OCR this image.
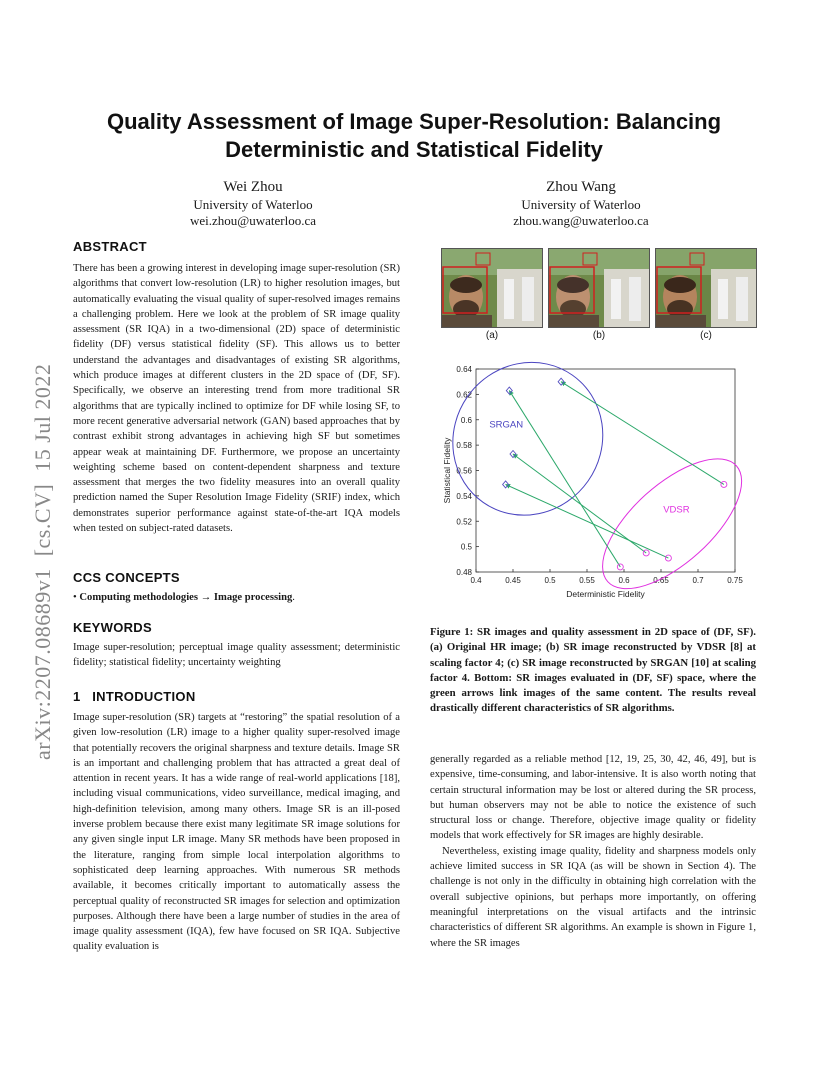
arXiv:2207.08689v1  [cs.CV]  15 Jul 2022
Quality Assessment of Image Super-Resolution: Balancing
Deterministic and Statistical Fidelity
Wei Zhou
University of Waterloo
wei.zhou@uwaterloo.ca
Zhou Wang
University of Waterloo
zhou.wang@uwaterloo.ca
ABSTRACT
There has been a growing interest in developing image super-resolution (SR) algorithms that convert low-resolution (LR) to higher resolution images, but automatically evaluating the visual quality of super-resolved images remains a challenging problem. Here we look at the problem of SR image quality assessment (SR IQA) in a two-dimensional (2D) space of deterministic fidelity (DF) versus statistical fidelity (SF). This allows us to better understand the advantages and disadvantages of existing SR algorithms, which produce images at different clusters in the 2D space of (DF, SF). Specifically, we observe an interesting trend from more traditional SR algorithms that are typically inclined to optimize for DF while losing SF, to more recent generative adversarial network (GAN) based approaches that by contrast exhibit strong advantages in achieving high SF but sometimes appear weak at maintaining DF. Furthermore, we propose an uncertainty weighting scheme based on content-dependent sharpness and texture assessment that merges the two fidelity measures into an overall quality prediction named the Super Resolution Image Fidelity (SRIF) index, which demonstrates superior performance against state-of-the-art IQA models when tested on subject-rated datasets.
CCS CONCEPTS
• Computing methodologies → Image processing.
KEYWORDS
Image super-resolution; perceptual image quality assessment; deterministic fidelity; statistical fidelity; uncertainty weighting
1   INTRODUCTION
Image super-resolution (SR) targets at “restoring” the spatial resolution of a given low-resolution (LR) image to a higher quality super-resolved image that potentially recovers the original sharpness and texture details. Image SR is an important and challenging problem that has attracted a great deal of attention in recent years. It has a wide range of real-world applications [18], including visual communications, video surveillance, medical imaging, and high-definition television, among many others. Image SR is an ill-posed inverse problem because there exist many legitimate SR image solutions for any given single input LR image. Many SR methods have been proposed in the literature, ranging from simple local interpolation algorithms to sophisticated deep learning approaches. With numerous SR methods available, it becomes critically important to automatically assess the perceptual quality of reconstructed SR images for selection and optimization purposes. Although there have been a large number of studies in the area of image quality assessment (IQA), few have focused on SR IQA. Subjective quality evaluation is
(a)	(b)	(c)
0.4	0.45	0.5	0.55	0.6	0.65	0.7	0.75
0.48
0.5
0.52
0.54
0.56
0.58
0.6
0.62
0.64
Deterministic Fidelity
Statistical Fidelity
SRGAN
VDSR
Figure 1: SR images and quality assessment in 2D space of (DF, SF). (a) Original HR image; (b) SR image reconstructed by VDSR [8] at scaling factor 4; (c) SR image reconstructed by SRGAN [10] at scaling factor 4. Bottom: SR images evaluated in (DF, SF) space, where the green arrows link images of the same content. The results reveal drastically different characteristics of SR algorithms.

generally regarded as a reliable method [12, 19, 25, 30, 42, 46, 49], but is expensive, time-consuming, and labor-intensive. It is also worth noting that certain structural information may be lost or altered during the SR process, but human observers may not be able to notice the existence of such structural loss or change. Therefore, objective image quality or fidelity models that work effectively for SR images are highly desirable.

Nevertheless, existing image quality, fidelity and sharpness models only achieve limited success in SR IQA (as will be shown in Section 4). The challenge is not only in the difficulty in obtaining high correlation with the overall subjective opinions, but perhaps more importantly, on offering meaningful interpretations on the visual artifacts and the intrinsic characteristics of different SR algorithms. An example is shown in Figure 1, where the SR images
